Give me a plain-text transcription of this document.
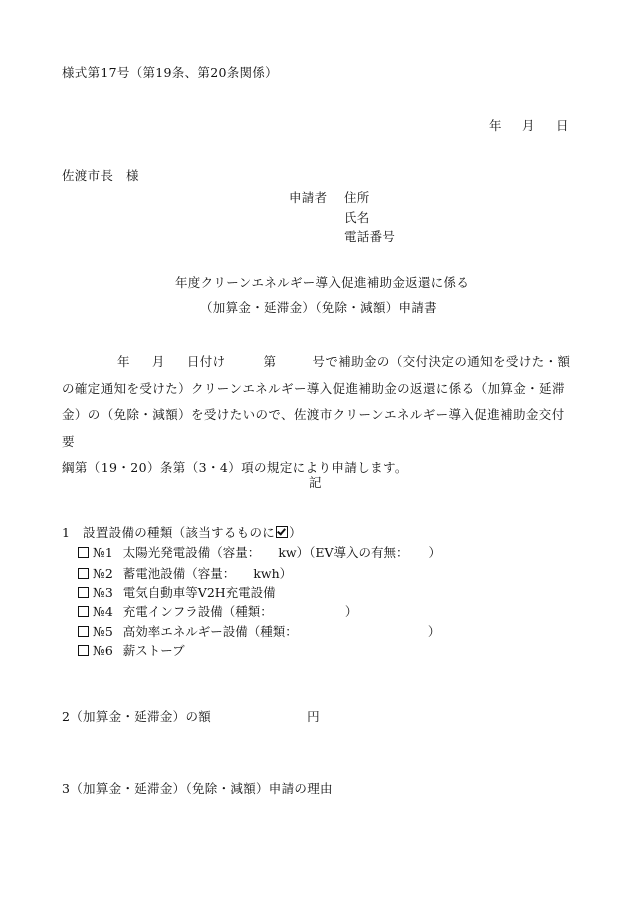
様式第17号（第19条、第20条関係）
年 月 日
佐渡市長　様
申請者 住所
氏名
電話番号
年度クリーンエネルギー導入促進補助金返還に係る
（加算金・延滞金）（免除・減額）申請書

年 月 日付け	第	号で補助金の（交付決定の通知を受けた・額

の確定通知を受けた）クリーンエネルギー導入促進補助金の返還に係る（加算金・延滞

金）の（免除・減額）を受けたいので、佐渡市クリーンエネルギー導入促進補助金交付要

綱第（19・20）条第（3・4）項の規定により申請します。

記
1　設置設備の種類（該当するものに ）
№1 太陽光発電設備（容量： kw）（EV導入の有無： ）
№2 蓄電池設備（容量： kwh）
№3 電気自動車等V2H充電設備
№4 充電インフラ設備（種類：	）
№5 高効率エネルギー設備（種類：	）
№6 薪ストーブ
2（加算金・延滞金）の額	円
3（加算金・延滞金）（免除・減額）申請の理由
